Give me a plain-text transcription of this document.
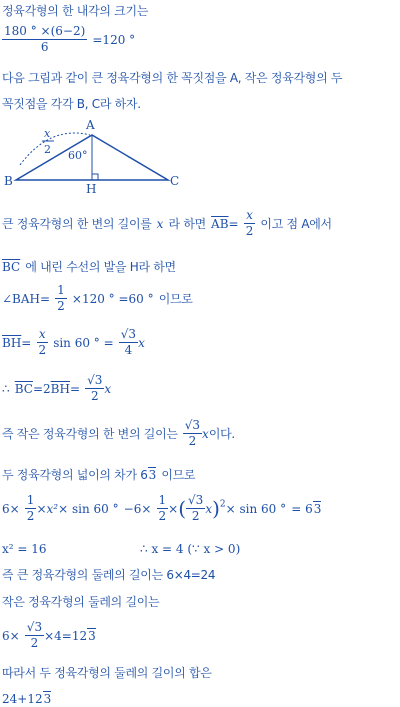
정육각형의 한 내각의 크기는
$\frac{180 ^\circ \times(6-2)}{6} =120$ °
다음 그림과 같이 큰 정육각형의 한 꼭짓점을 A, 작은 정육각형의 두
꼭짓점을 각각 B, C라 하자.
A
B	C
H
60°
x
2
큰 정육각형의 한 변의 길이를 x 라 하면 $\overline{AB}= \frac{x}{2}$ 이고 점 A에서
$\overline{BC}$ 에 내린 수선의 발을 H라 하면
∠BAH= $\frac{1}{2} \times 120$ ° =60 ° 이므로
$\overline{BH}= \frac{x}{2}$ sin 60 ° = $\frac{√3}{4}$ x
∴ $\overline{BC}=2\overline{BH}= \frac{√3}{2}$ x
즉 작은 정육각형의 한 변의 길이는 $\frac{√3}{2}$ x이다.
두 정육각형의 넓이의 차가 63 이므로
$6\times \frac{1}{2} \times x^2\times \sin 60$ ° $-6\times \frac{1}{2}$ ×( $\frac{√3}{2} x)^2\times \sin 60$ ° = 63
x² = 16	∴ x = 4 (∵ x > 0)
즉 큰 정육각형의 둘레의 길이는 6×4=24
작은 정육각형의 둘레의 길이는
$6\times \frac{√3}{2} \times 4=123$
따라서 두 정육각형의 둘레의 길이의 합은
24+123
